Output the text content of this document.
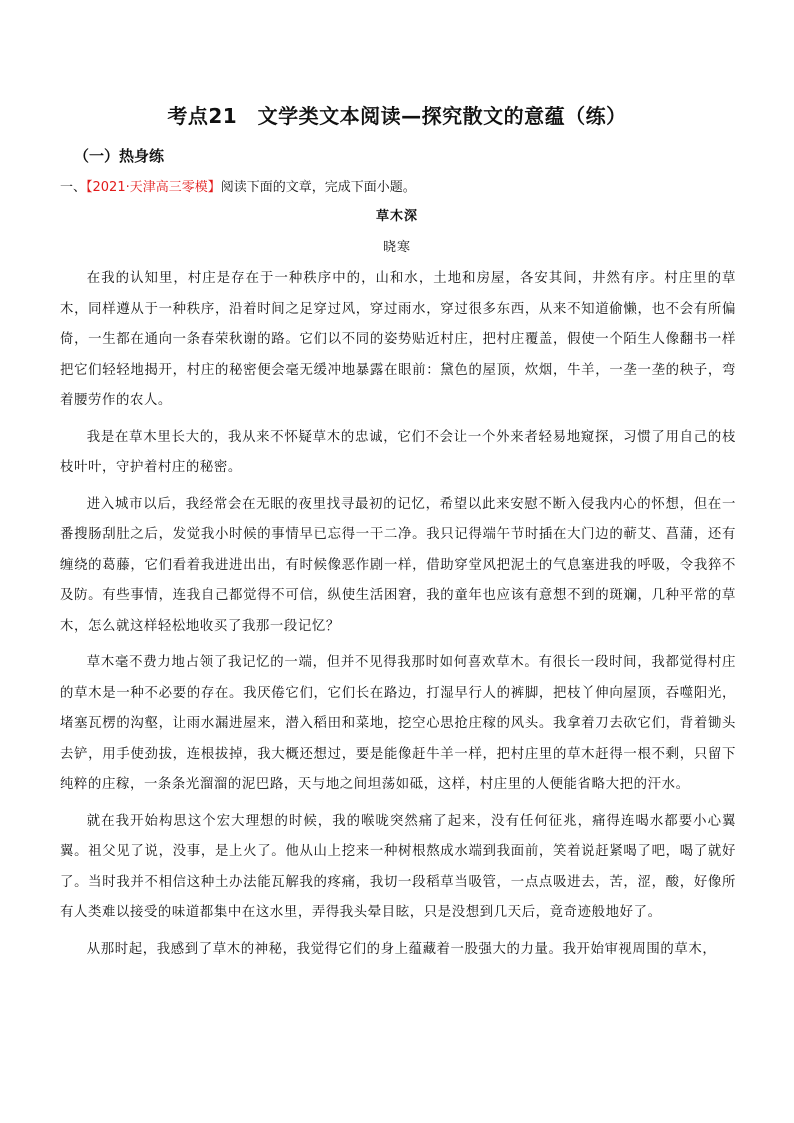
考点21　文学类文本阅读—探究散文的意蕴（练）
（一）热身练
一、【2021·天津高三零模】阅读下面的文章，完成下面小题。
草木深
晓寒

在我的认知里，村庄是存在于一种秩序中的，山和水，土地和房屋，各安其间，井然有序。村庄里的草木，同样遵从于一种秩序，沿着时间之足穿过风，穿过雨水，穿过很多东西，从来不知道偷懒，也不会有所偏倚，一生都在通向一条春荣秋谢的路。它们以不同的姿势贴近村庄，把村庄覆盖，假使一个陌生人像翻书一样把它们轻轻地揭开，村庄的秘密便会毫无缓冲地暴露在眼前：黛色的屋顶，炊烟，牛羊，一垄一垄的秧子，弯着腰劳作的农人。

我是在草木里长大的，我从来不怀疑草木的忠诚，它们不会让一个外来者轻易地窥探，习惯了用自己的枝枝叶叶，守护着村庄的秘密。

进入城市以后，我经常会在无眠的夜里找寻最初的记忆，希望以此来安慰不断入侵我内心的怀想，但在一番搜肠刮肚之后，发觉我小时候的事情早已忘得一干二净。我只记得端午节时插在大门边的蕲艾、菖蒲，还有缠绕的葛藤，它们看着我进进出出，有时候像恶作剧一样，借助穿堂风把泥土的气息塞进我的呼吸，令我猝不及防。有些事情，连我自己都觉得不可信，纵使生活困窘，我的童年也应该有意想不到的斑斓，几种平常的草木，怎么就这样轻松地收买了我那一段记忆？

草木毫不费力地占领了我记忆的一端，但并不见得我那时如何喜欢草木。有很长一段时间，我都觉得村庄的草木是一种不必要的存在。我厌倦它们，它们长在路边，打湿早行人的裤脚，把枝丫伸向屋顶，吞噬阳光，堵塞瓦楞的沟壑，让雨水漏进屋来，潜入稻田和菜地，挖空心思抢庄稼的风头。我拿着刀去砍它们，背着锄头去铲，用手使劲拔，连根拔掉，我大概还想过，要是能像赶牛羊一样，把村庄里的草木赶得一根不剩，只留下纯粹的庄稼，一条条光溜溜的泥巴路，天与地之间坦荡如砥，这样，村庄里的人便能省略大把的汗水。

就在我开始构思这个宏大理想的时候，我的喉咙突然痛了起来，没有任何征兆，痛得连喝水都要小心翼翼。祖父见了说，没事，是上火了。他从山上挖来一种树根熬成水端到我面前，笑着说赶紧喝了吧，喝了就好了。当时我并不相信这种土办法能瓦解我的疼痛，我切一段稻草当吸管，一点点吸进去，苦，涩，酸，好像所有人类难以接受的味道都集中在这水里，弄得我头晕目眩，只是没想到几天后，竟奇迹般地好了。

从那时起，我感到了草木的神秘，我觉得它们的身上蕴藏着一股强大的力量。我开始审视周围的草木，
